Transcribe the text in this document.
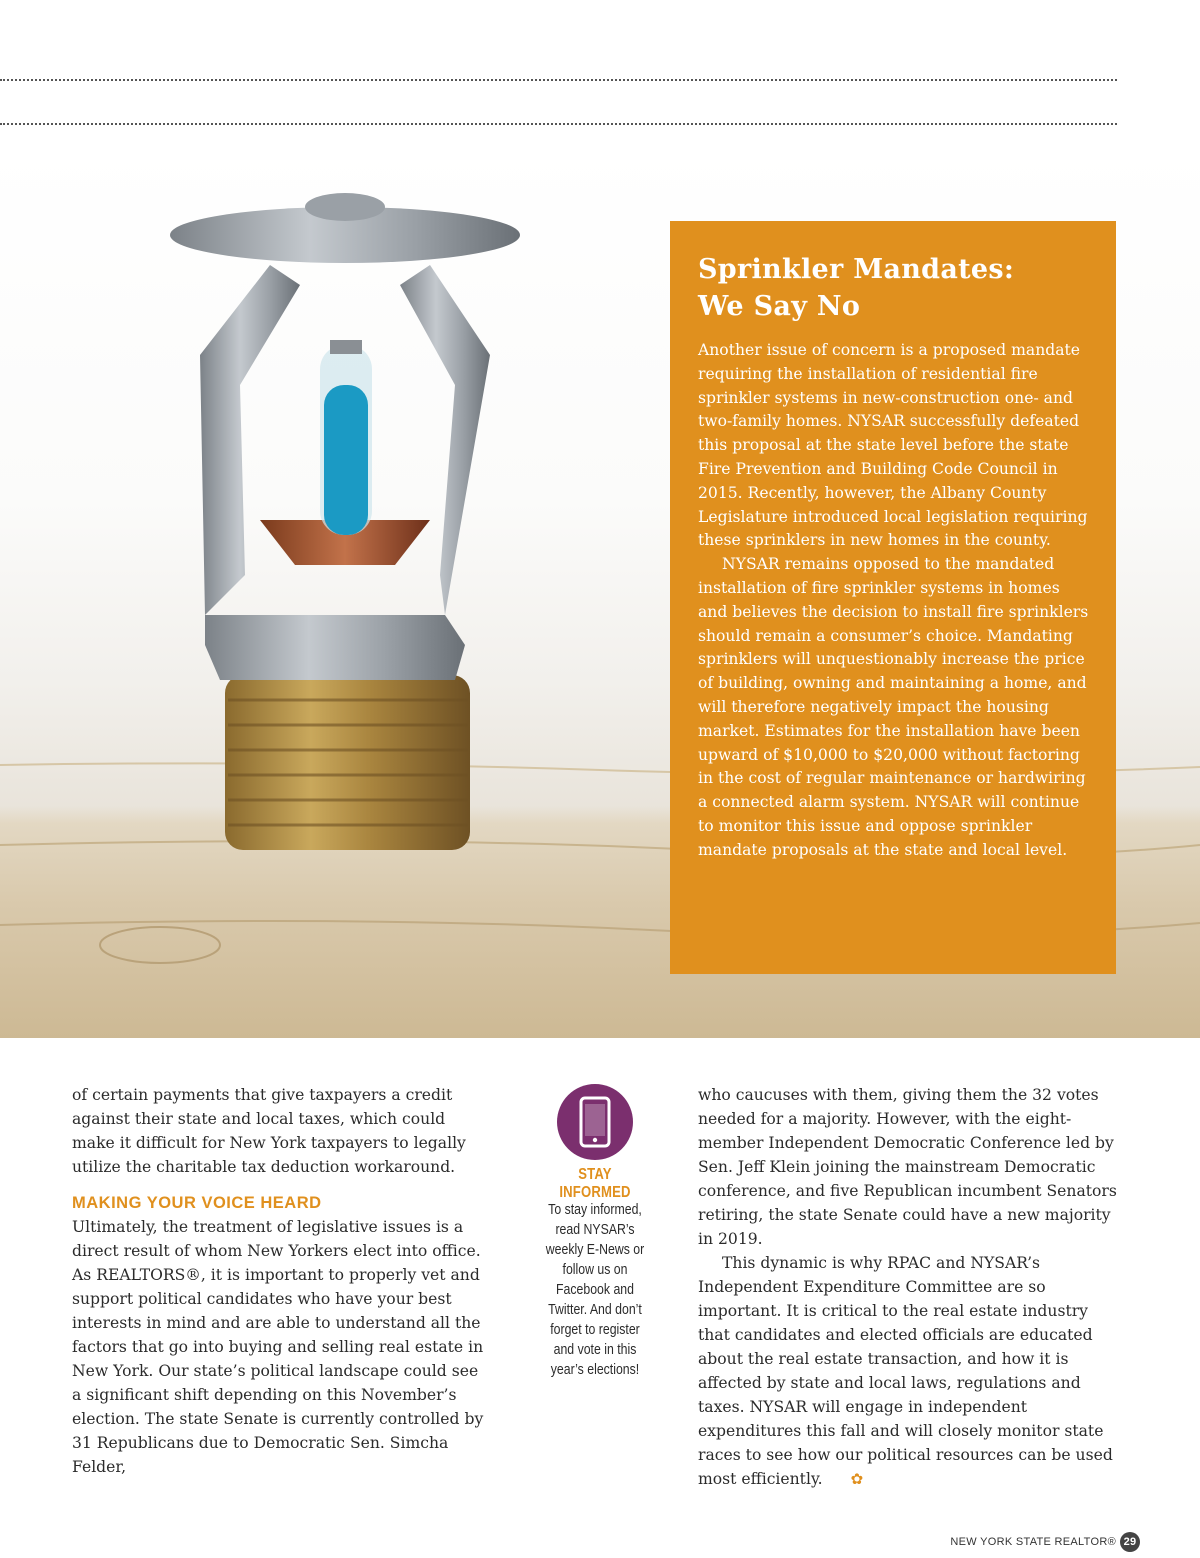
Sprinkler Mandates:
We Say No

Another issue of concern is a proposed mandate requiring the installation of residential fire sprinkler systems in new-construction one- and two-family homes. NYSAR successfully defeated this proposal at the state level before the state Fire Prevention and Building Code Council in 2015. Recently, however, the Albany County Legislature introduced local legislation requiring these sprinklers in new homes in the county.

NYSAR remains opposed to the mandated installation of fire sprinkler systems in homes and believes the decision to install fire sprinklers should remain a consumer’s choice. Mandating sprinklers will unquestionably increase the price of building, owning and maintaining a home, and will therefore negatively impact the housing market. Estimates for the installation have been upward of $10,000 to $20,000 without factoring in the cost of regular maintenance or hardwiring a connected alarm system. NYSAR will continue to monitor this issue and oppose sprinkler mandate proposals at the state and local level.

of certain payments that give taxpayers a credit against their state and local taxes, which could make it difficult for New York taxpayers to legally utilize the charitable tax deduction workaround.

MAKING YOUR VOICE HEARD

Ultimately, the treatment of legislative issues is a direct result of whom New Yorkers elect into office. As REALTORS®, it is important to properly vet and support political candidates who have your best interests in mind and are able to understand all the factors that go into buying and selling real estate in New York. Our state’s political landscape could see a significant shift depending on this November’s election. The state Senate is currently controlled by 31 Republicans due to Democratic Sen. Simcha Felder,

STAY INFORMED
To stay informed, read NYSAR’s weekly E-News or follow us on Facebook and Twitter. And don’t forget to register and vote in this year’s elections!

who caucuses with them, giving them the 32 votes needed for a majority. However, with the eight-member Independent Democratic Conference led by Sen. Jeff Klein joining the mainstream Democratic conference, and five Republican incumbent Senators retiring, the state Senate could have a new majority in 2019.

This dynamic is why RPAC and NYSAR’s Independent Expenditure Committee are so important. It is critical to the real estate industry that candidates and elected officials are educated about the real estate transaction, and how it is affected by state and local laws, regulations and taxes. NYSAR will engage in independent expenditures this fall and will closely monitor state races to see how our political resources can be used most efficiently. ✿

NEW YORK STATE REALTOR® 29
